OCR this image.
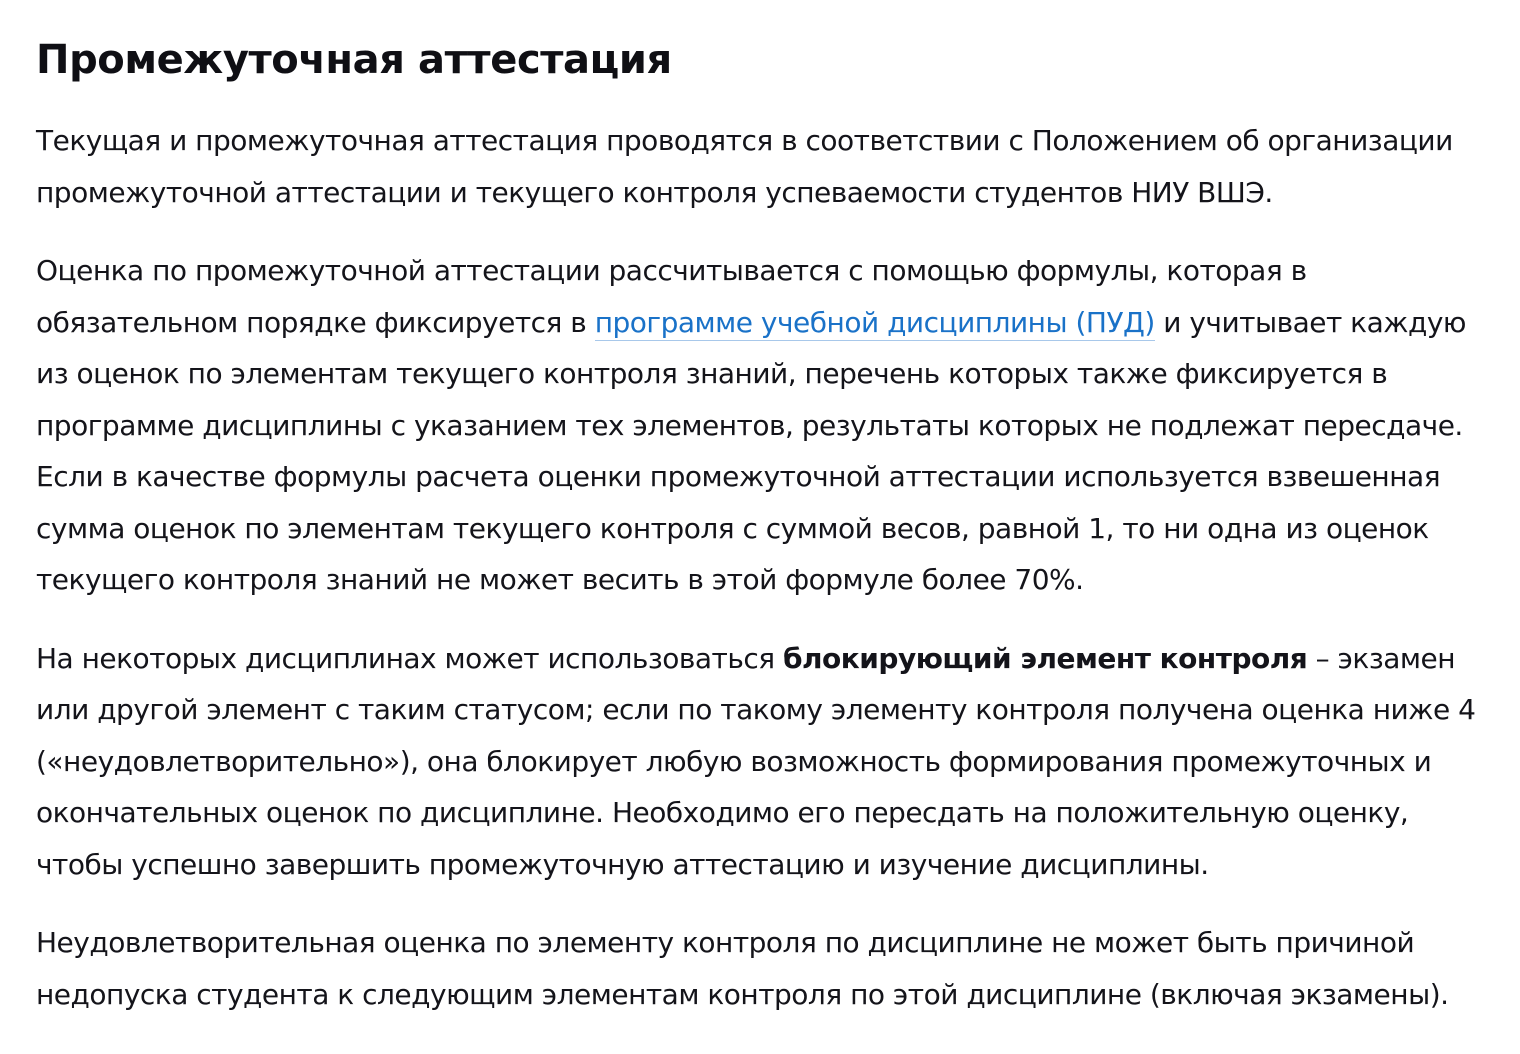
Промежуточная аттестация

Текущая и промежуточная аттестация проводятся в соответствии с Положением об организации промежуточной аттестации и текущего контроля успеваемости студентов НИУ ВШЭ.

Оценка по промежуточной аттестации рассчитывается с помощью формулы, которая в обязательном порядке фиксируется в программе учебной дисциплины (ПУД) и учитывает каждую из оценок по элементам текущего контроля знаний, перечень которых также фиксируется в программе дисциплины с указанием тех элементов, результаты которых не подлежат пересдаче. Если в качестве формулы расчета оценки промежуточной аттестации используется взвешенная сумма оценок по элементам текущего контроля с суммой весов, равной 1, то ни одна из оценок текущего контроля знаний не может весить в этой формуле более 70%.

На некоторых дисциплинах может использоваться блокирующий элемент контроля – экзамен или другой элемент с таким статусом; если по такому элементу контроля получена оценка ниже 4 («неудовлетворительно»), она блокирует любую возможность формирования промежуточных и окончательных оценок по дисциплине. Необходимо его пересдать на положительную оценку, чтобы успешно завершить промежуточную аттестацию и изучение дисциплины.

Неудовлетворительная оценка по элементу контроля по дисциплине не может быть причиной недопуска студента к следующим элементам контроля по этой дисциплине (включая экзамены).
